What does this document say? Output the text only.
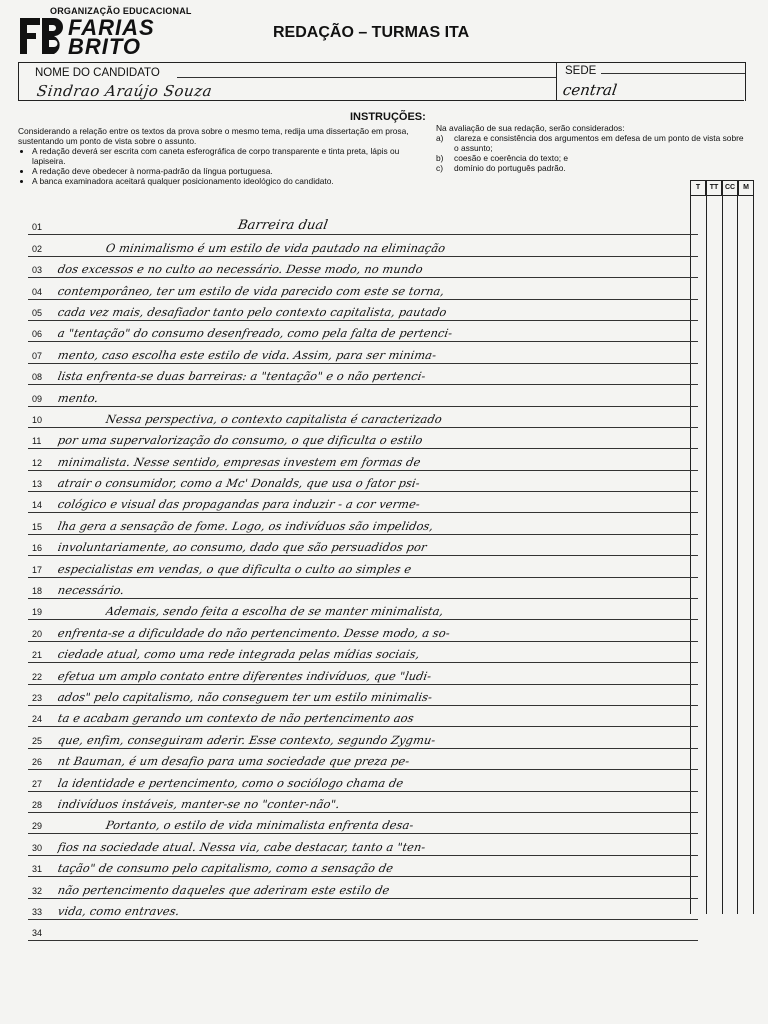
ORGANIZAÇÃO EDUCACIONAL
FARIAS
BRITO
REDAÇÃO – TURMAS ITA
NOME DO CANDIDATO
Sindrao Araújo Souza
SEDE
central
INSTRUÇÕES:

Considerando a relação entre os textos da prova sobre o mesmo tema, redija uma dissertação em prosa, sustentando um ponto de vista sobre o assunto.

• A redação deverá ser escrita com caneta esferográfica de corpo transparente e tinta preta, lápis ou lapiseira.
• A redação deve obedecer à norma-padrão da língua portuguesa.
• A banca examinadora aceitará qualquer posicionamento ideológico do candidato.

Na avaliação de sua redação, serão considerados:

a)	clareza e consistência dos argumentos em defesa de um ponto de vista sobre o assunto;
b)	coesão e coerência do texto; e
c)	domínio do português padrão.
T	TT CC	M
01	Barreira dual
02	O minimalismo é um estilo de vida pautado na eliminação
03 dos excessos e no culto ao necessário. Desse modo, no mundo
04 contemporâneo, ter um estilo de vida parecido com este se torna,
05 cada vez mais, desafiador tanto pelo contexto capitalista, pautado
06 a "tentação" do consumo desenfreado, como pela falta de pertenci-
07 mento, caso escolha este estilo de vida. Assim, para ser minima-
08 lista enfrenta-se duas barreiras: a "tentação" e o não pertenci-
09 mento.
10	Nessa perspectiva, o contexto capitalista é caracterizado
11 por uma supervalorização do consumo, o que dificulta o estilo
12 minimalista. Nesse sentido, empresas investem em formas de
13 atrair o consumidor, como a Mc' Donalds, que usa o fator psi-
14 cológico e visual das propagandas para induzir - a cor verme-
15 lha gera a sensação de fome. Logo, os indivíduos são impelidos,
16 involuntariamente, ao consumo, dado que são persuadidos por
17 especialistas em vendas, o que dificulta o culto ao simples e
18 necessário.
19	Ademais, sendo feita a escolha de se manter minimalista,
20 enfrenta-se a dificuldade do não pertencimento. Desse modo, a so-
21 ciedade atual, como uma rede integrada pelas mídias sociais,
22 efetua um amplo contato entre diferentes indivíduos, que "ludi-
23 ados" pelo capitalismo, não conseguem ter um estilo minimalis-
24 ta e acabam gerando um contexto de não pertencimento aos
25 que, enfim, conseguiram aderir. Esse contexto, segundo Zygmu-
26 nt Bauman, é um desafio para uma sociedade que preza pe-
27 la identidade e pertencimento, como o sociólogo chama de
28 indivíduos instáveis, manter-se no "conter-não".
29	Portanto, o estilo de vida minimalista enfrenta desa-
30 fios na sociedade atual. Nessa via, cabe destacar, tanto a "ten-
31 tação" de consumo pelo capitalismo, como a sensação de
32 não pertencimento daqueles que aderiram este estilo de
33 vida, como entraves.
34
